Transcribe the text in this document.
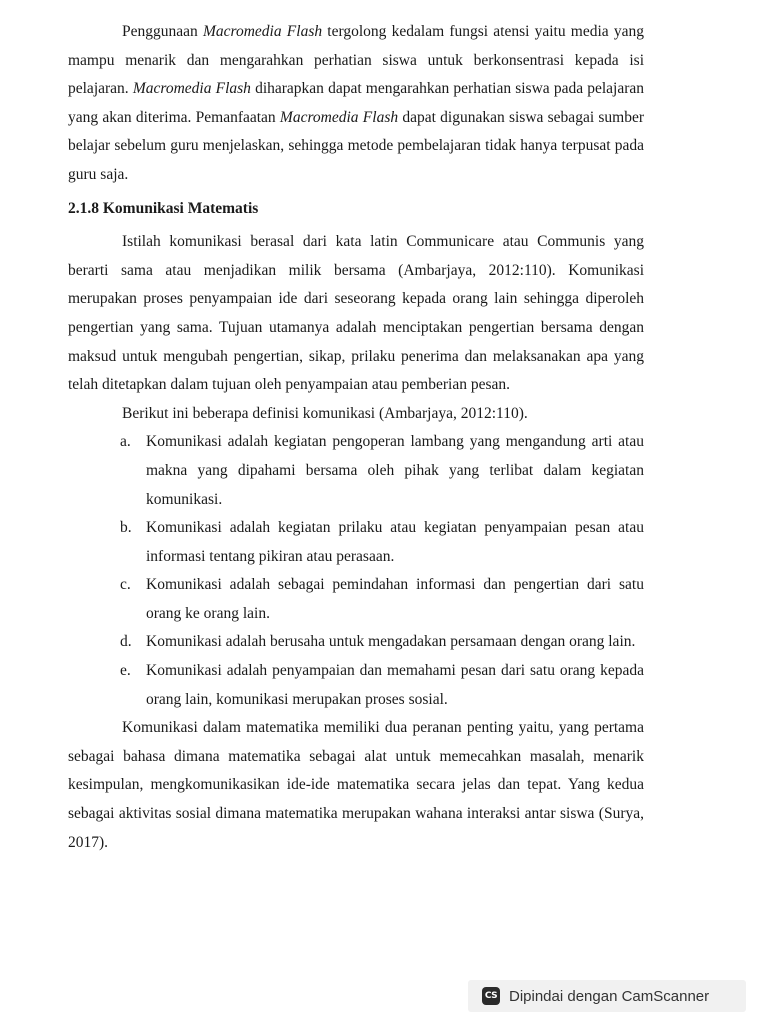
Penggunaan Macromedia Flash tergolong kedalam fungsi atensi yaitu media yang mampu menarik dan mengarahkan perhatian siswa untuk berkonsentrasi kepada isi pelajaran. Macromedia Flash diharapkan dapat mengarahkan perhatian siswa pada pelajaran yang akan diterima. Pemanfaatan Macromedia Flash dapat digunakan siswa sebagai sumber belajar sebelum guru menjelaskan, sehingga metode pembelajaran tidak hanya terpusat pada guru saja.

2.1.8 Komunikasi Matematis

Istilah komunikasi berasal dari kata latin Communicare atau Communis yang berarti sama atau menjadikan milik bersama (Ambarjaya, 2012:110). Komunikasi merupakan proses penyampaian ide dari seseorang kepada orang lain sehingga diperoleh pengertian yang sama. Tujuan utamanya adalah menciptakan pengertian bersama dengan maksud untuk mengubah pengertian, sikap, prilaku penerima dan melaksanakan apa yang telah ditetapkan dalam tujuan oleh penyampaian atau pemberian pesan.

Berikut ini beberapa definisi komunikasi (Ambarjaya, 2012:110).

a. Komunikasi adalah kegiatan pengoperan lambang yang mengandung arti atau makna yang dipahami bersama oleh pihak yang terlibat dalam kegiatan komunikasi.
b. Komunikasi adalah kegiatan prilaku atau kegiatan penyampaian pesan atau informasi tentang pikiran atau perasaan.
c. Komunikasi adalah sebagai pemindahan informasi dan pengertian dari satu orang ke orang lain.
d. Komunikasi adalah berusaha untuk mengadakan persamaan dengan orang lain.
e. Komunikasi adalah penyampaian dan memahami pesan dari satu orang kepada orang lain, komunikasi merupakan proses sosial.

Komunikasi dalam matematika memiliki dua peranan penting yaitu, yang pertama sebagai bahasa dimana matematika sebagai alat untuk memecahkan masalah, menarik kesimpulan, mengkomunikasikan ide-ide matematika secara jelas dan tepat. Yang kedua sebagai aktivitas sosial dimana matematika merupakan wahana interaksi antar siswa (Surya, 2017).

CS Dipindai dengan CamScanner
